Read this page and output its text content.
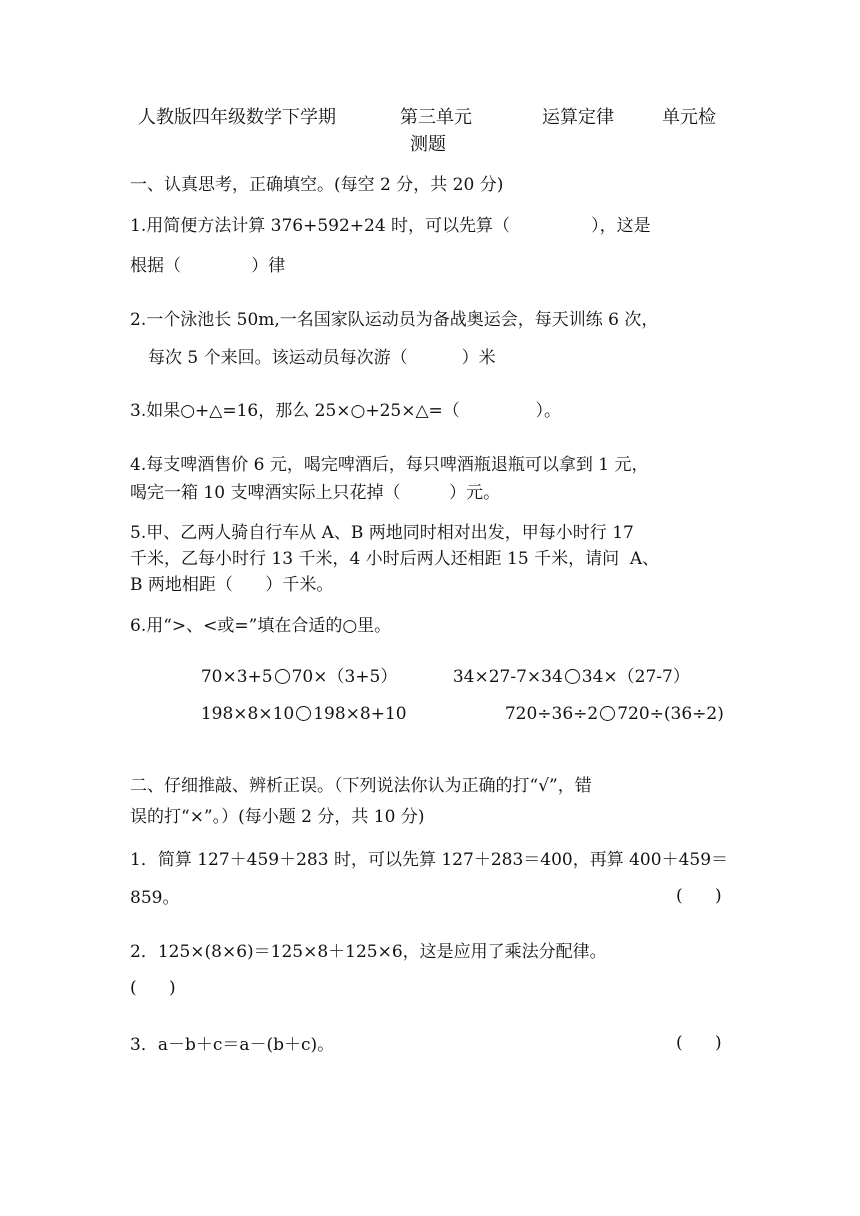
人教版四年级数学下学期	第三单元	运算定律	单元检
测题
一、认真思考，正确填空。(每空 2 分，共 20 分)
1.用简便方法计算 376+592+24 时，可以先算（               ），这是
根据（             ）律
2.一个泳池长 50m,一名国家队运动员为备战奥运会，每天训练 6 次，
每次 5 个来回。该运动员每次游（          ）米
3.如果○+△=16，那么 25×○+25×△=（              ）。
4.每支啤酒售价 6 元，喝完啤酒后，每只啤酒瓶退瓶可以拿到 1 元，
喝完一箱 10 支啤酒实际上只花掉（         ）元。
5.甲、乙两人骑自行车从 A、B 两地同时相对出发，甲每小时行 17
千米，乙每小时行 13 千米，4 小时后两人还相距 15 千米，请问  A、
B 两地相距（      ）千米。
6.用“>、<或=”填在合适的○里。

70×3+5 70×（3+5）	34×27-7×34 34×（27-7）

198×8×10 198×8+10	720÷36÷2 720÷(36÷2)

二、仔细推敲、辨析正误。（下列说法你认为正确的打“√”，错
误的打“×”。）(每小题 2 分，共 10 分)
1．简算 127＋459＋283 时，可以先算 127＋283＝400，再算 400＋459＝
859。	(      )
2．125×(8×6)＝125×8＋125×6，这是应用了乘法分配律。
(      )
3．a－b＋c＝a－(b＋c)。	(      )
